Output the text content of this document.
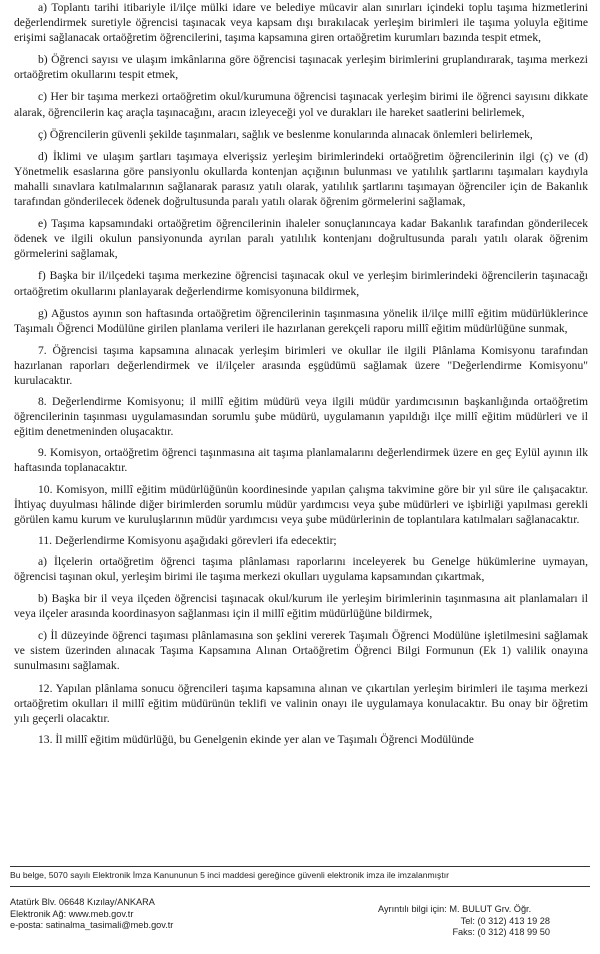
a) Toplantı tarihi itibariyle il/ilçe mülki idare ve belediye mücavir alan sınırları içindeki toplu taşıma hizmetlerini değerlendirmek suretiyle öğrencisi taşınacak veya kapsam dışı bırakılacak yerleşim birimleri ile taşıma yoluyla eğitime erişimi sağlanacak ortaöğretim öğrencilerini, taşıma kapsamına giren ortaöğretim kurumları bazında tespit etmek,

b) Öğrenci sayısı ve ulaşım imkânlarına göre öğrencisi taşınacak yerleşim birimlerini gruplandırarak, taşıma merkezi ortaöğretim okullarını tespit etmek,

c) Her bir taşıma merkezi ortaöğretim okul/kurumuna öğrencisi taşınacak yerleşim birimi ile öğrenci sayısını dikkate alarak, öğrencilerin kaç araçla taşınacağını, aracın izleyeceği yol ve durakları ile hareket saatlerini belirlemek,

ç) Öğrencilerin güvenli şekilde taşınmaları, sağlık ve beslenme konularında alınacak önlemleri belirlemek,

d) İklimi ve ulaşım şartları taşımaya elverişsiz yerleşim birimlerindeki ortaöğretim öğrencilerinin ilgi (ç) ve (d) Yönetmelik esaslarına göre pansiyonlu okullarda kontenjan açığının bulunması ve yatılılık şartlarını taşımaları kaydıyla mahalli sınavlara katılmalarının sağlanarak parasız yatılı olarak, yatılılık şartlarını taşımayan öğrenciler için de Bakanlık tarafından gönderilecek ödenek doğrultusunda paralı yatılı olarak öğrenim görmelerini sağlamak,

e) Taşıma kapsamındaki ortaöğretim öğrencilerinin ihaleler sonuçlanıncaya kadar Bakanlık tarafından gönderilecek ödenek ve ilgili okulun pansiyonunda ayrılan paralı yatılılık kontenjanı doğrultusunda paralı yatılı olarak öğrenim görmelerini sağlamak,

f) Başka bir il/ilçedeki taşıma merkezine öğrencisi taşınacak okul ve yerleşim birimlerindeki öğrencilerin taşınacağı ortaöğretim okullarını planlayarak değerlendirme komisyonuna bildirmek,

g) Ağustos ayının son haftasında ortaöğretim öğrencilerinin taşınmasına yönelik il/ilçe millî eğitim müdürlüklerince Taşımalı Öğrenci Modülüne girilen planlama verileri ile hazırlanan gerekçeli raporu millî eğitim müdürlüğüne sunmak,

7. Öğrencisi taşıma kapsamına alınacak yerleşim birimleri ve okullar ile ilgili Plânlama Komisyonu tarafından hazırlanan raporları değerlendirmek ve il/ilçeler arasında eşgüdümü sağlamak üzere "Değerlendirme Komisyonu" kurulacaktır.

8. Değerlendirme Komisyonu; il millî eğitim müdürü veya ilgili müdür yardımcısının başkanlığında ortaöğretim öğrencilerinin taşınması uygulamasından sorumlu şube müdürü, uygulamanın yapıldığı ilçe millî eğitim müdürleri ve il eğitim denetmeninden oluşacaktır.

9. Komisyon, ortaöğretim öğrenci taşınmasına ait taşıma planlamalarını değerlendirmek üzere en geç Eylül ayının ilk haftasında toplanacaktır.

10. Komisyon, millî eğitim müdürlüğünün koordinesinde yapılan çalışma takvimine göre bir yıl süre ile çalışacaktır. İhtiyaç duyulması hâlinde diğer birimlerden sorumlu müdür yardımcısı veya şube müdürleri ve işbirliği yapılması gerekli görülen kamu kurum ve kuruluşlarının müdür yardımcısı veya şube müdürlerinin de toplantılara katılmaları sağlanacaktır.

11. Değerlendirme Komisyonu aşağıdaki görevleri ifa edecektir;

a) İlçelerin ortaöğretim öğrenci taşıma plânlaması raporlarını inceleyerek bu Genelge hükümlerine uymayan, öğrencisi taşınan okul, yerleşim birimi ile taşıma merkezi okulları uygulama kapsamından çıkartmak,

b) Başka bir il veya ilçeden öğrencisi taşınacak okul/kurum ile yerleşim birimlerinin taşınmasına ait planlamaları il veya ilçeler arasında koordinasyon sağlanması için il millî eğitim müdürlüğüne bildirmek,

c) İl düzeyinde öğrenci taşıması plânlamasına son şeklini vererek Taşımalı Öğrenci Modülüne işletilmesini sağlamak ve sistem üzerinden alınacak Taşıma Kapsamına Alınan Ortaöğretim Öğrenci Bilgi Formunun (Ek 1) valilik onayına sunulmasını sağlamak.

12. Yapılan plânlama sonucu öğrencileri taşıma kapsamına alınan ve çıkartılan yerleşim birimleri ile taşıma merkezi ortaöğretim okulları il millî eğitim müdürünün teklifi ve valinin onayı ile uygulamaya konulacaktır. Bu onay bir öğretim yılı geçerli olacaktır.

13. İl millî eğitim müdürlüğü, bu Genelgenin ekinde yer alan ve Taşımalı Öğrenci Modülünde

Bu belge, 5070 sayılı Elektronik İmza Kanununun 5 inci maddesi gereğince güvenli elektronik imza ile imzalanmıştır
Atatürk Blv. 06648 Kızılay/ANKARA
Elektronik Ağ: www.meb.gov.tr
e-posta: satinalma_tasimali@meb.gov.tr
Ayrıntılı bilgi için: M. BULUT Grv. Öğr.
Tel: (0 312) 413 19 28
Faks: (0 312) 418 99 50
